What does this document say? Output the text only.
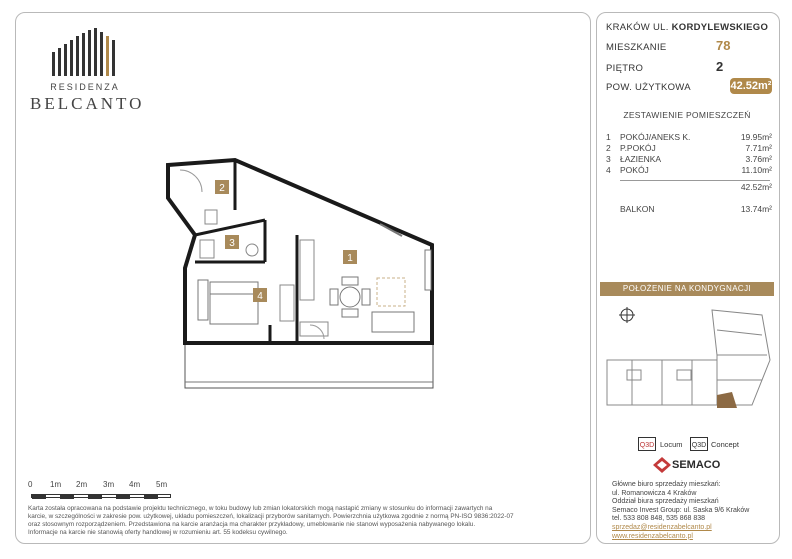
RESIDENZA
BELCANTO
2
3
1
4
0 1m 2m 3m 4m 5m
Karta została opracowana na podstawie projektu technicznego, w toku budowy lub zmian lokatorskich mogą nastąpić zmiany w stosunku do informacji zawartych na
karcie, w szczególności w zakresie pow. użytkowej, układu pomieszczeń, lokalizacji przyborów sanitarnych. Powierzchnia użytkowa zgodnie z normą PN-ISO 9836:2022-07
oraz stosownym rozporządzeniem. Przedstawiona na karcie aranżacja ma charakter przykładowy, umeblowanie nie stanowi wyposażenia nabywanego lokalu.
Informacje na karcie nie stanowią oferty handlowej w rozumieniu art. 55 kodeksu cywilnego.
KRAKÓW UL. KORDYLEWSKIEGO
MIESZKANIE	78
PIĘTRO	2
POW. UŻYTKOWA	42.52m²
ZESTAWIENIE POMIESZCZEŃ
1 POKÓJ/ANEKS K.	19.95m²
2 P.POKÓJ	7.71m²
3 ŁAZIENKA	3.76m²
4 POKÓJ	11.10m²
42.52m²
BALKON	13.74m²
POŁOŻENIE NA KONDYGNACJI
Q3D Locum Q3D Concept
SEMACO
Główne biuro sprzedaży mieszkań:
ul. Romanowicza 4 Kraków
Oddział biura sprzedaży mieszkań
Semaco Invest Group: ul. Saska 9/6 Kraków
tel. 533 808 848, 535 868 838
sprzedaz@residenzabelcanto.pl
www.residenzabelcanto.pl
